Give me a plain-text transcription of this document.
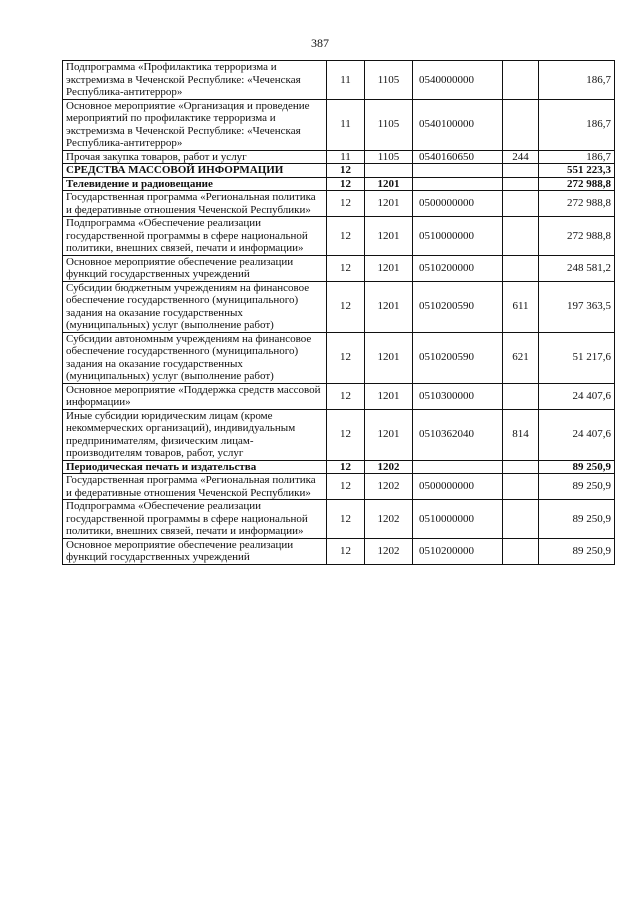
387
Подпрограмма «Профилактика терроризма и экстремизма в Чеченской Республике: «Чеченская Республика-антитеррор»	11	1105	0540000000		186,7
Основное мероприятие «Организация и проведение мероприятий по профилактике терроризма и экстремизма в Чеченской Республике: «Чеченская Республика-антитеррор»	11	1105	0540100000		186,7
Прочая закупка товаров, работ и услуг	11	1105	0540160650	244	186,7
СРЕДСТВА МАССОВОЙ ИНФОРМАЦИИ	12				551 223,3
Телевидение и радиовещание	12	1201			272 988,8
Государственная программа «Региональная политика и федеративные отношения Чеченской Республики»	12	1201	0500000000		272 988,8
Подпрограмма «Обеспечение реализации государственной программы в сфере национальной политики, внешних связей, печати и информации»	12	1201	0510000000		272 988,8
Основное мероприятие обеспечение реализации функций государственных учреждений	12	1201	0510200000		248 581,2
Субсидии бюджетным учреждениям на финансовое обеспечение государственного (муниципального) задания на оказание государственных (муниципальных) услуг (выполнение работ)	12	1201	0510200590	611	197 363,5
Субсидии автономным учреждениям на финансовое обеспечение государственного (муниципального) задания на оказание государственных (муниципальных) услуг (выполнение работ)	12	1201	0510200590	621	51 217,6
Основное мероприятие «Поддержка средств массовой информации»	12	1201	0510300000		24 407,6
Иные субсидии юридическим лицам (кроме некоммерческих организаций), индивидуальным предпринимателям, физическим лицам-производителям товаров, работ, услуг	12	1201	0510362040	814	24 407,6
Периодическая печать и издательства	12	1202			89 250,9
Государственная программа «Региональная политика и федеративные отношения Чеченской Республики»	12	1202	0500000000		89 250,9
Подпрограмма «Обеспечение реализации государственной программы в сфере национальной политики, внешних связей, печати и информации»	12	1202	0510000000		89 250,9
Основное мероприятие обеспечение реализации функций государственных учреждений	12	1202	0510200000		89 250,9
